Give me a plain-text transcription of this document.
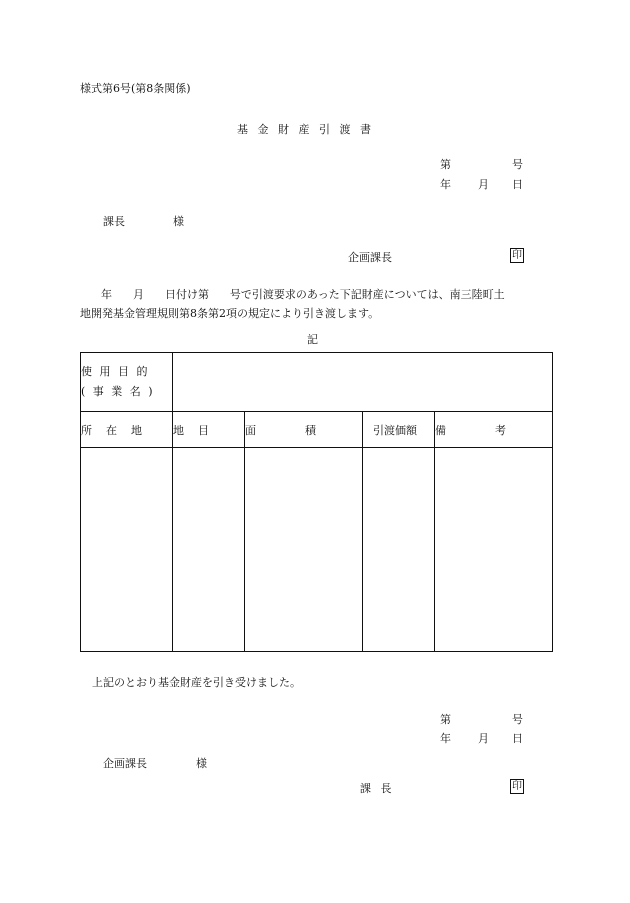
様式第6号(第8条関係)
基 金 財 産 引 渡 書
第	号
年 月 日
課長	様
企画課長	印
年      月      日付け第      号で引渡要求のあった下記財産については、南三陸町土
地開発基金管理規則第8条第2項の規定により引き渡します。
記
使 用 目 的
( 事 業 名 )				

所    在    地	地    目	面              積	引渡価額	備              考

上記のとおり基金財産を引き受けました。
第	号
年 月 日
企画課長	様
課 長	印
